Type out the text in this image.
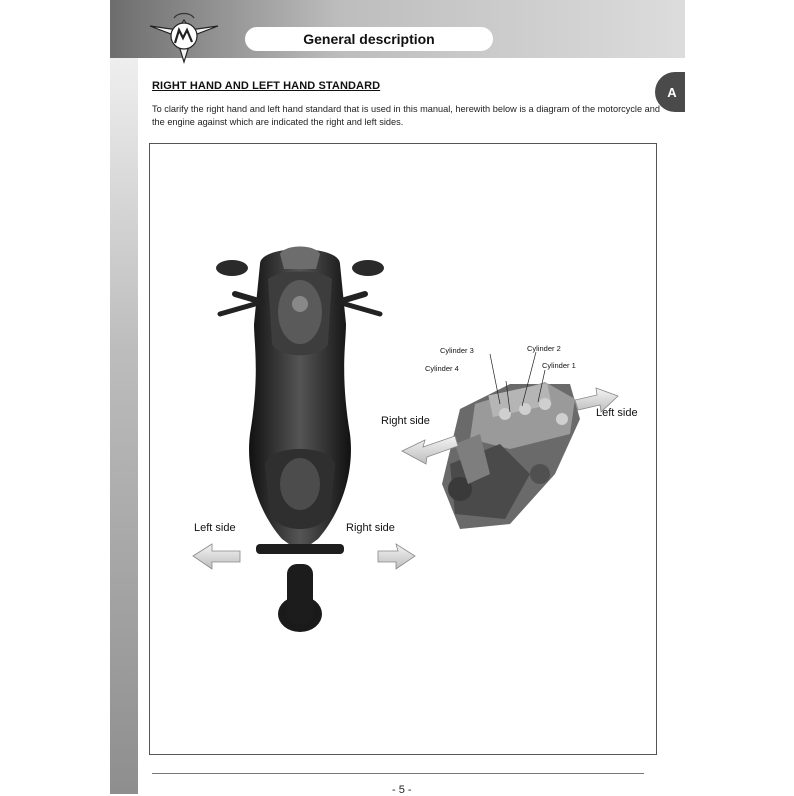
General description
A
RIGHT HAND AND LEFT HAND STANDARD
To clarify the right hand and left hand standard that is used in this manual, herewith below is a diagram of the motorcycle and the engine against which are indicated the right and left sides.
Left side	Right side
Right side
Left side
Cylinder 3	Cylinder 2
Cylinder 4	Cylinder 1
- 5 -
